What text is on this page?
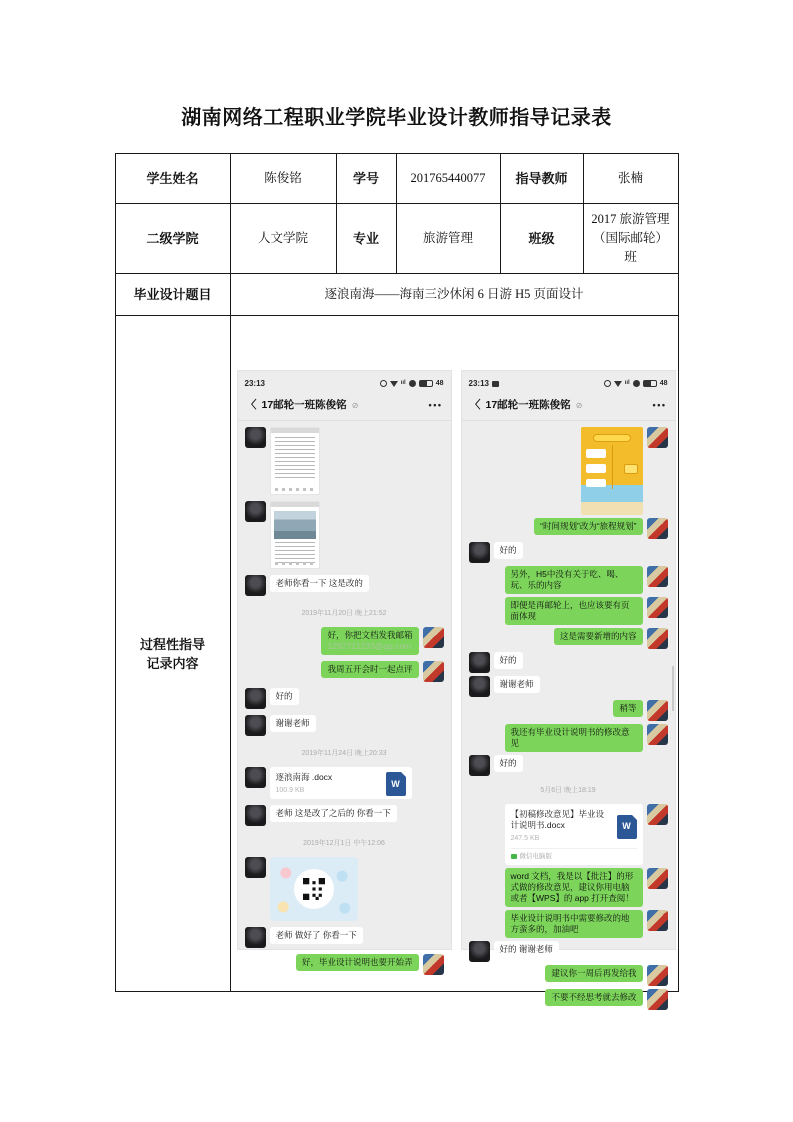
湖南网络工程职业学院毕业设计教师指导记录表
学生姓名	陈俊铭	学号	201765440077	指导教师	张楠
二级学院	人文学院	专业	旅游管理	班级	2017 旅游管理（国际邮轮）班
毕业设计题目	逐浪南海——海南三沙休闲 6 日游 H5 页面设计				

过程性指导
记录内容

23:13	ııl	48
〈 17邮轮一班陈俊铭 ⊘	•••
老师你看一下 这是改的
2019年11月20日 晚上21:52
好，你把文档发我邮箱
1292721233@qq.com
我周五开会时一起点评
好的
谢谢老师
2019年11月24日 晚上20:33
逐浪南海 .docx
100.9 KB
W
老师 这是改了之后的 你看一下
2019年12月1日 中午12:06
老师 做好了 你看一下
好，毕业设计说明也要开始弄
23:13	ııl	48
〈 17邮轮一班陈俊铭 ⊘	•••
“时间规划”改为“旅程规划”
好的
另外，H5中没有关于吃、喝、玩、乐的内容
即便是再邮轮上，也应该要有页面体现
这是需要新增的内容
好的
谢谢老师
稍等
我还有毕业设计说明书的修改意见
好的
5月6日 晚上18:19
【初稿修改意见】毕业设计说明书.docx
247.5 KB
W
微信电脑版
word 文档，我是以【批注】的形式做的修改意见，建议你用电脑或者【WPS】的 app 打开查阅！
毕业设计说明书中需要修改的地方蛮多的，加油吧
好的 谢谢老师
建议你一周后再发给我
不要不经思考就去修改
